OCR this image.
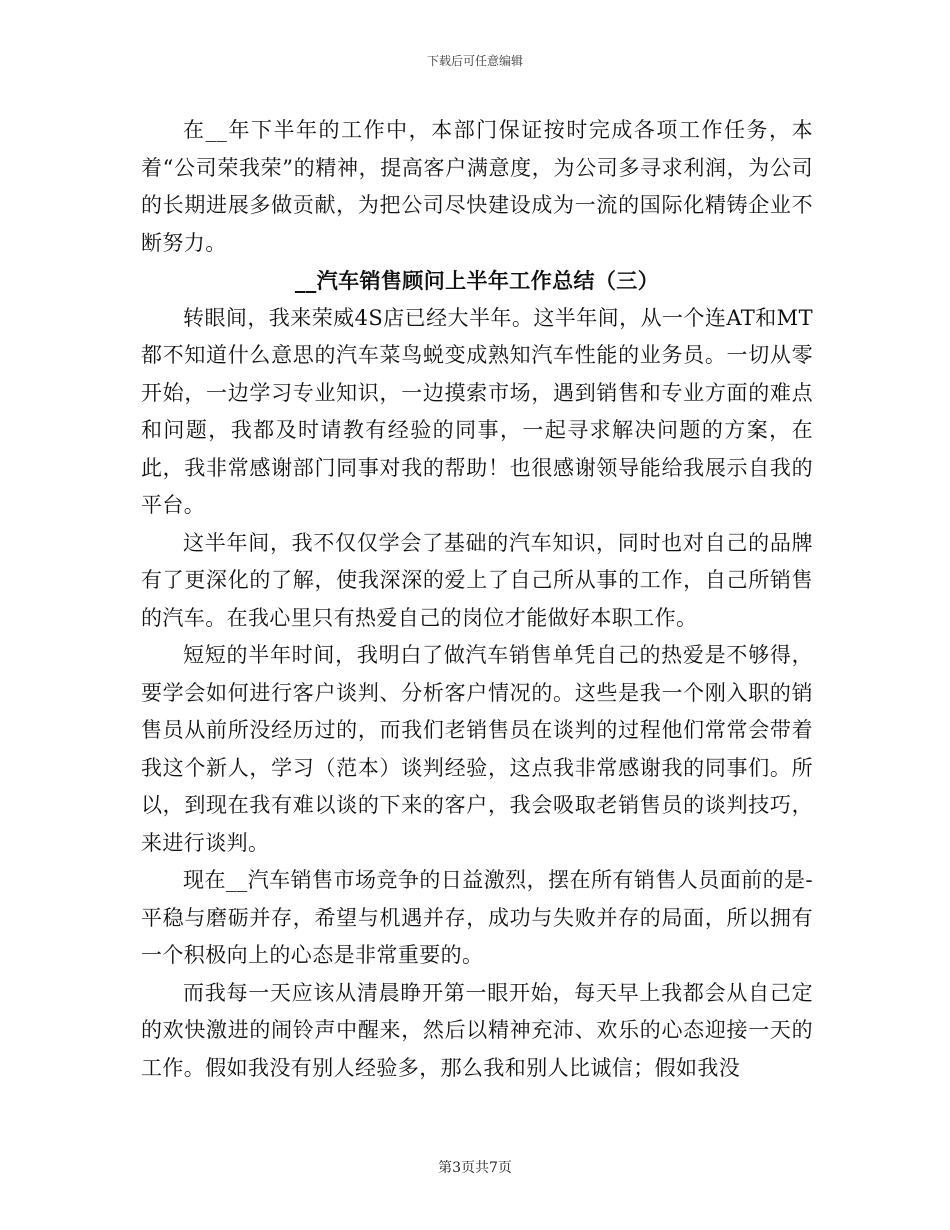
下载后可任意编辑

在__年下半年的工作中，本部门保证按时完成各项工作任务，本着“公司荣我荣”的精神，提高客户满意度，为公司多寻求利润，为公司的长期进展多做贡献，为把公司尽快建设成为一流的国际化精铸企业不断努力。

__汽车销售顾问上半年工作总结（三）

转眼间，我来荣威4S店已经大半年。这半年间，从一个连AT和MT都不知道什么意思的汽车菜鸟蜕变成熟知汽车性能的业务员。一切从零开始，一边学习专业知识，一边摸索市场，遇到销售和专业方面的难点和问题，我都及时请教有经验的同事，一起寻求解决问题的方案，在此，我非常感谢部门同事对我的帮助！也很感谢领导能给我展示自我的平台。

这半年间，我不仅仅学会了基础的汽车知识，同时也对自己的品牌有了更深化的了解，使我深深的爱上了自己所从事的工作，自己所销售的汽车。在我心里只有热爱自己的岗位才能做好本职工作。

短短的半年时间，我明白了做汽车销售单凭自己的热爱是不够得，要学会如何进行客户谈判、分析客户情况的。这些是我一个刚入职的销售员从前所没经历过的，而我们老销售员在谈判的过程他们常常会带着我这个新人，学习（范本）谈判经验，这点我非常感谢我的同事们。所以，到现在我有难以谈的下来的客户，我会吸取老销售员的谈判技巧，来进行谈判。

现在__汽车销售市场竞争的日益激烈，摆在所有销售人员面前的是-平稳与磨砺并存，希望与机遇并存，成功与失败并存的局面，所以拥有一个积极向上的心态是非常重要的。

而我每一天应该从清晨睁开第一眼开始，每天早上我都会从自己定的欢快激进的闹铃声中醒来，然后以精神充沛、欢乐的心态迎接一天的工作。假如我没有别人经验多，那么我和别人比诚信；假如我没

第3页共7页
